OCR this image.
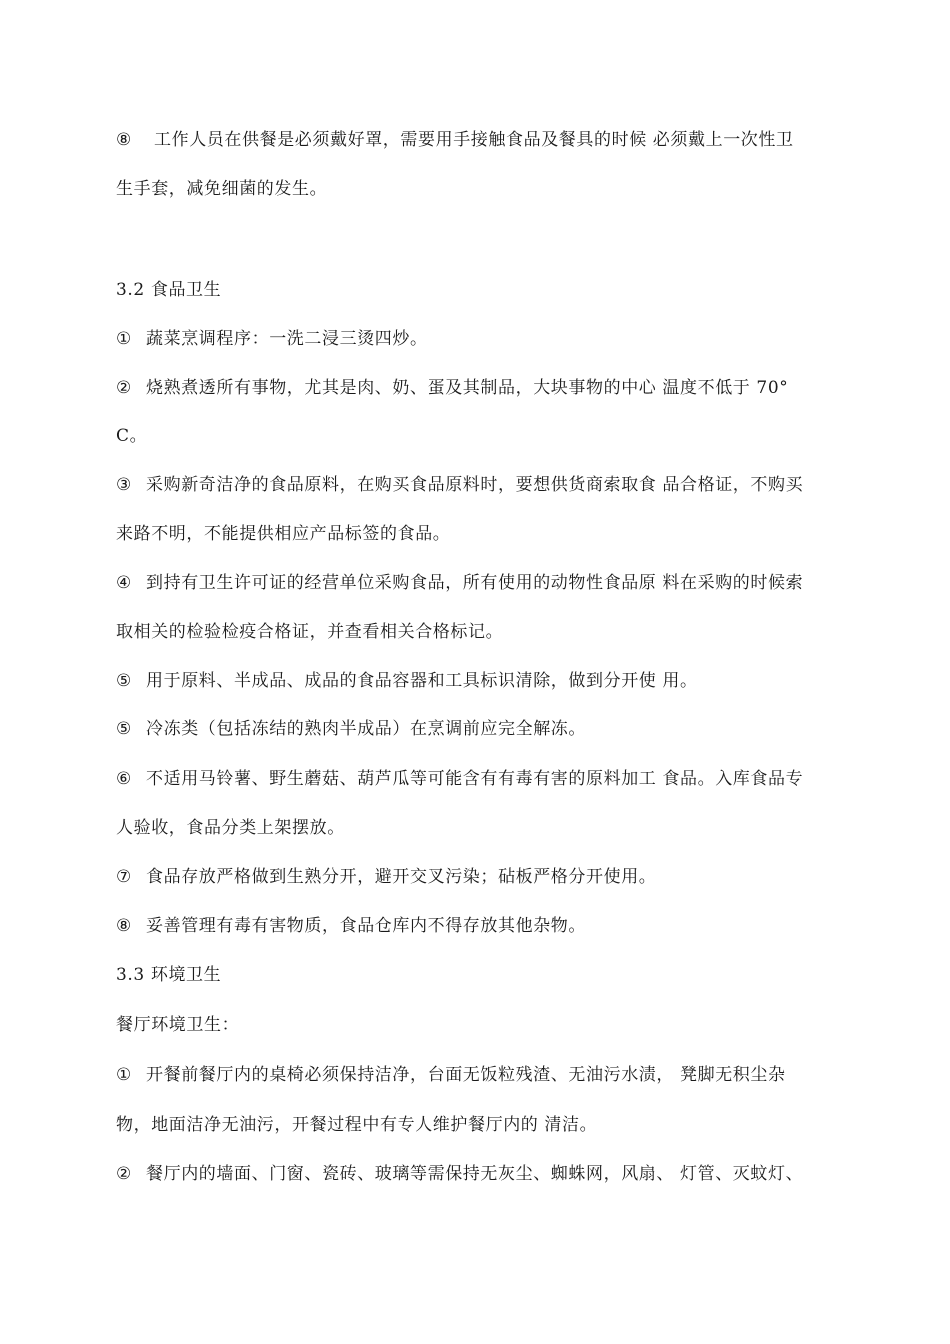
⑧ 工作人员在供餐是必须戴好罩，需要用手接触食品及餐具的时候 必须戴上一次性卫
生手套，减免细菌的发生。
3.2 食品卫生
① 蔬菜烹调程序：一洗二浸三烫四炒。
② 烧熟煮透所有事物，尤其是肉、奶、蛋及其制品，大块事物的中心 温度不低于 70°
C。
③ 采购新奇洁净的食品原料，在购买食品原料时，要想供货商索取食 品合格证，不购买
来路不明，不能提供相应产品标签的食品。
④ 到持有卫生许可证的经营单位采购食品，所有使用的动物性食品原 料在采购的时候索
取相关的检验检疫合格证，并查看相关合格标记。
⑤ 用于原料、半成品、成品的食品容器和工具标识清除，做到分开使 用。
⑤ 冷冻类（包括冻结的熟肉半成品）在烹调前应完全解冻。
⑥ 不适用马铃薯、野生蘑菇、葫芦瓜等可能含有有毒有害的原料加工 食品。入库食品专
人验收，食品分类上架摆放。
⑦ 食品存放严格做到生熟分开，避开交叉污染；砧板严格分开使用。
⑧ 妥善管理有毒有害物质，食品仓库内不得存放其他杂物。
3.3 环境卫生
餐厅环境卫生：
① 开餐前餐厅内的桌椅必须保持洁净，台面无饭粒残渣、无油污水渍， 凳脚无积尘杂
物，地面洁净无油污，开餐过程中有专人维护餐厅内的 清洁。
② 餐厅内的墙面、门窗、瓷砖、玻璃等需保持无灰尘、蜘蛛网，风扇、 灯管、灭蚊灯、
